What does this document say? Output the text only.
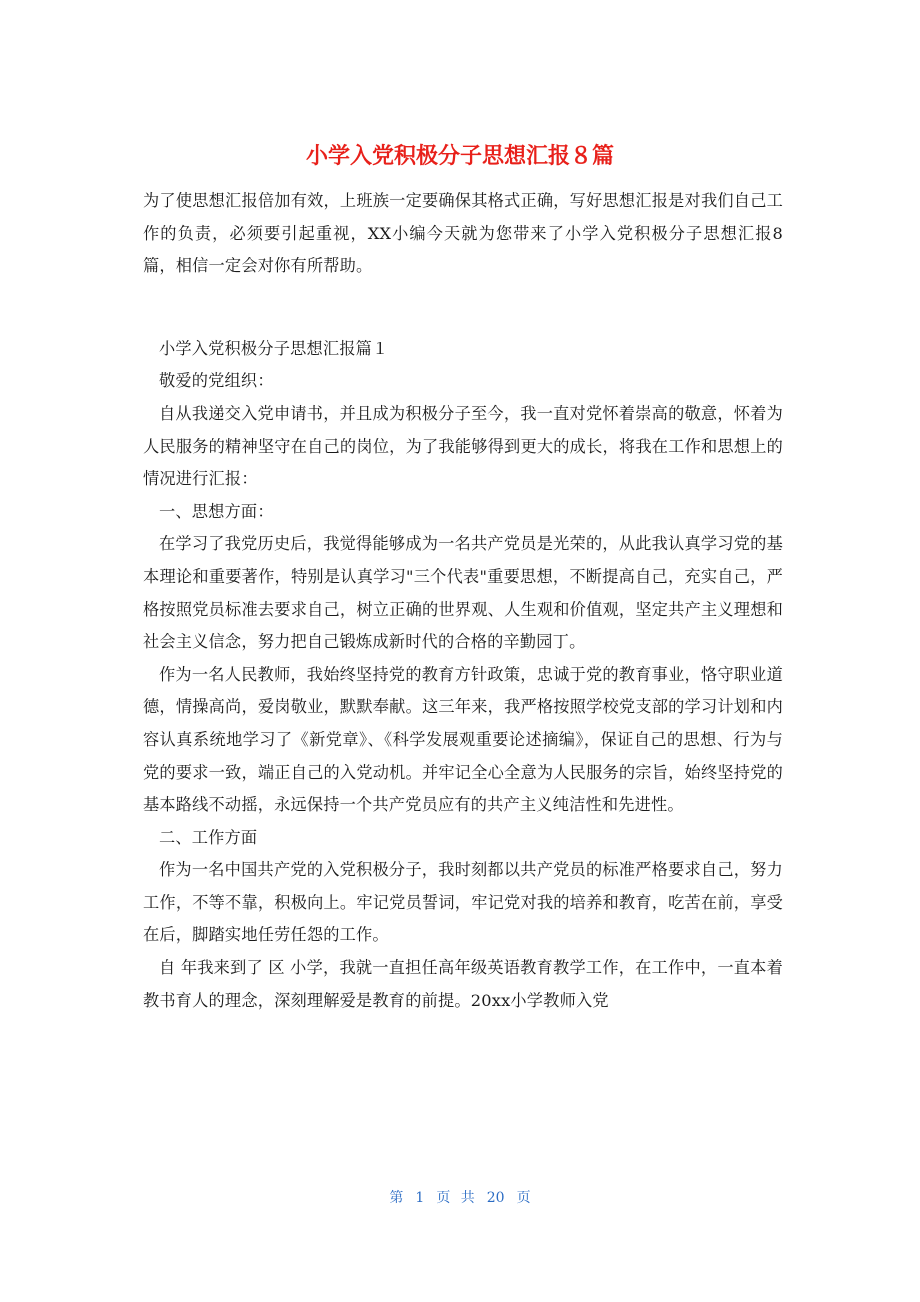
小学入党积极分子思想汇报８篇

为了使思想汇报倍加有效，上班族一定要确保其格式正确，写好思想汇报是对我们自己工作的负责，必须要引起重视，XX小编今天就为您带来了小学入党积极分子思想汇报8篇，相信一定会对你有所帮助。

小学入党积极分子思想汇报篇１

敬爱的党组织：

自从我递交入党申请书，并且成为积极分子至今，我一直对党怀着崇高的敬意，怀着为人民服务的精神坚守在自己的岗位，为了我能够得到更大的成长，将我在工作和思想上的情况进行汇报：

一、思想方面：

在学习了我党历史后，我觉得能够成为一名共产党员是光荣的，从此我认真学习党的基本理论和重要著作，特别是认真学习"三个代表"重要思想，不断提高自己，充实自己，严格按照党员标准去要求自己，树立正确的世界观、人生观和价值观，坚定共产主义理想和社会主义信念，努力把自己锻炼成新时代的合格的辛勤园丁。

作为一名人民教师，我始终坚持党的教育方针政策，忠诚于党的教育事业，恪守职业道德，情操高尚，爱岗敬业，默默奉献。这三年来，我严格按照学校党支部的学习计划和内容认真系统地学习了《新党章》、《科学发展观重要论述摘编》，保证自己的思想、行为与党的要求一致，端正自己的入党动机。并牢记全心全意为人民服务的宗旨，始终坚持党的基本路线不动摇，永远保持一个共产党员应有的共产主义纯洁性和先进性。

二、工作方面

作为一名中国共产党的入党积极分子，我时刻都以共产党员的标准严格要求自己，努力工作，不等不靠，积极向上。牢记党员誓词，牢记党对我的培养和教育，吃苦在前，享受在后，脚踏实地任劳任怨的工作。

自 年我来到了 区 小学，我就一直担任高年级英语教育教学工作，在工作中，一直本着教书育人的理念，深刻理解爱是教育的前提。20xx小学教师入党

第 1 页 共 20 页
